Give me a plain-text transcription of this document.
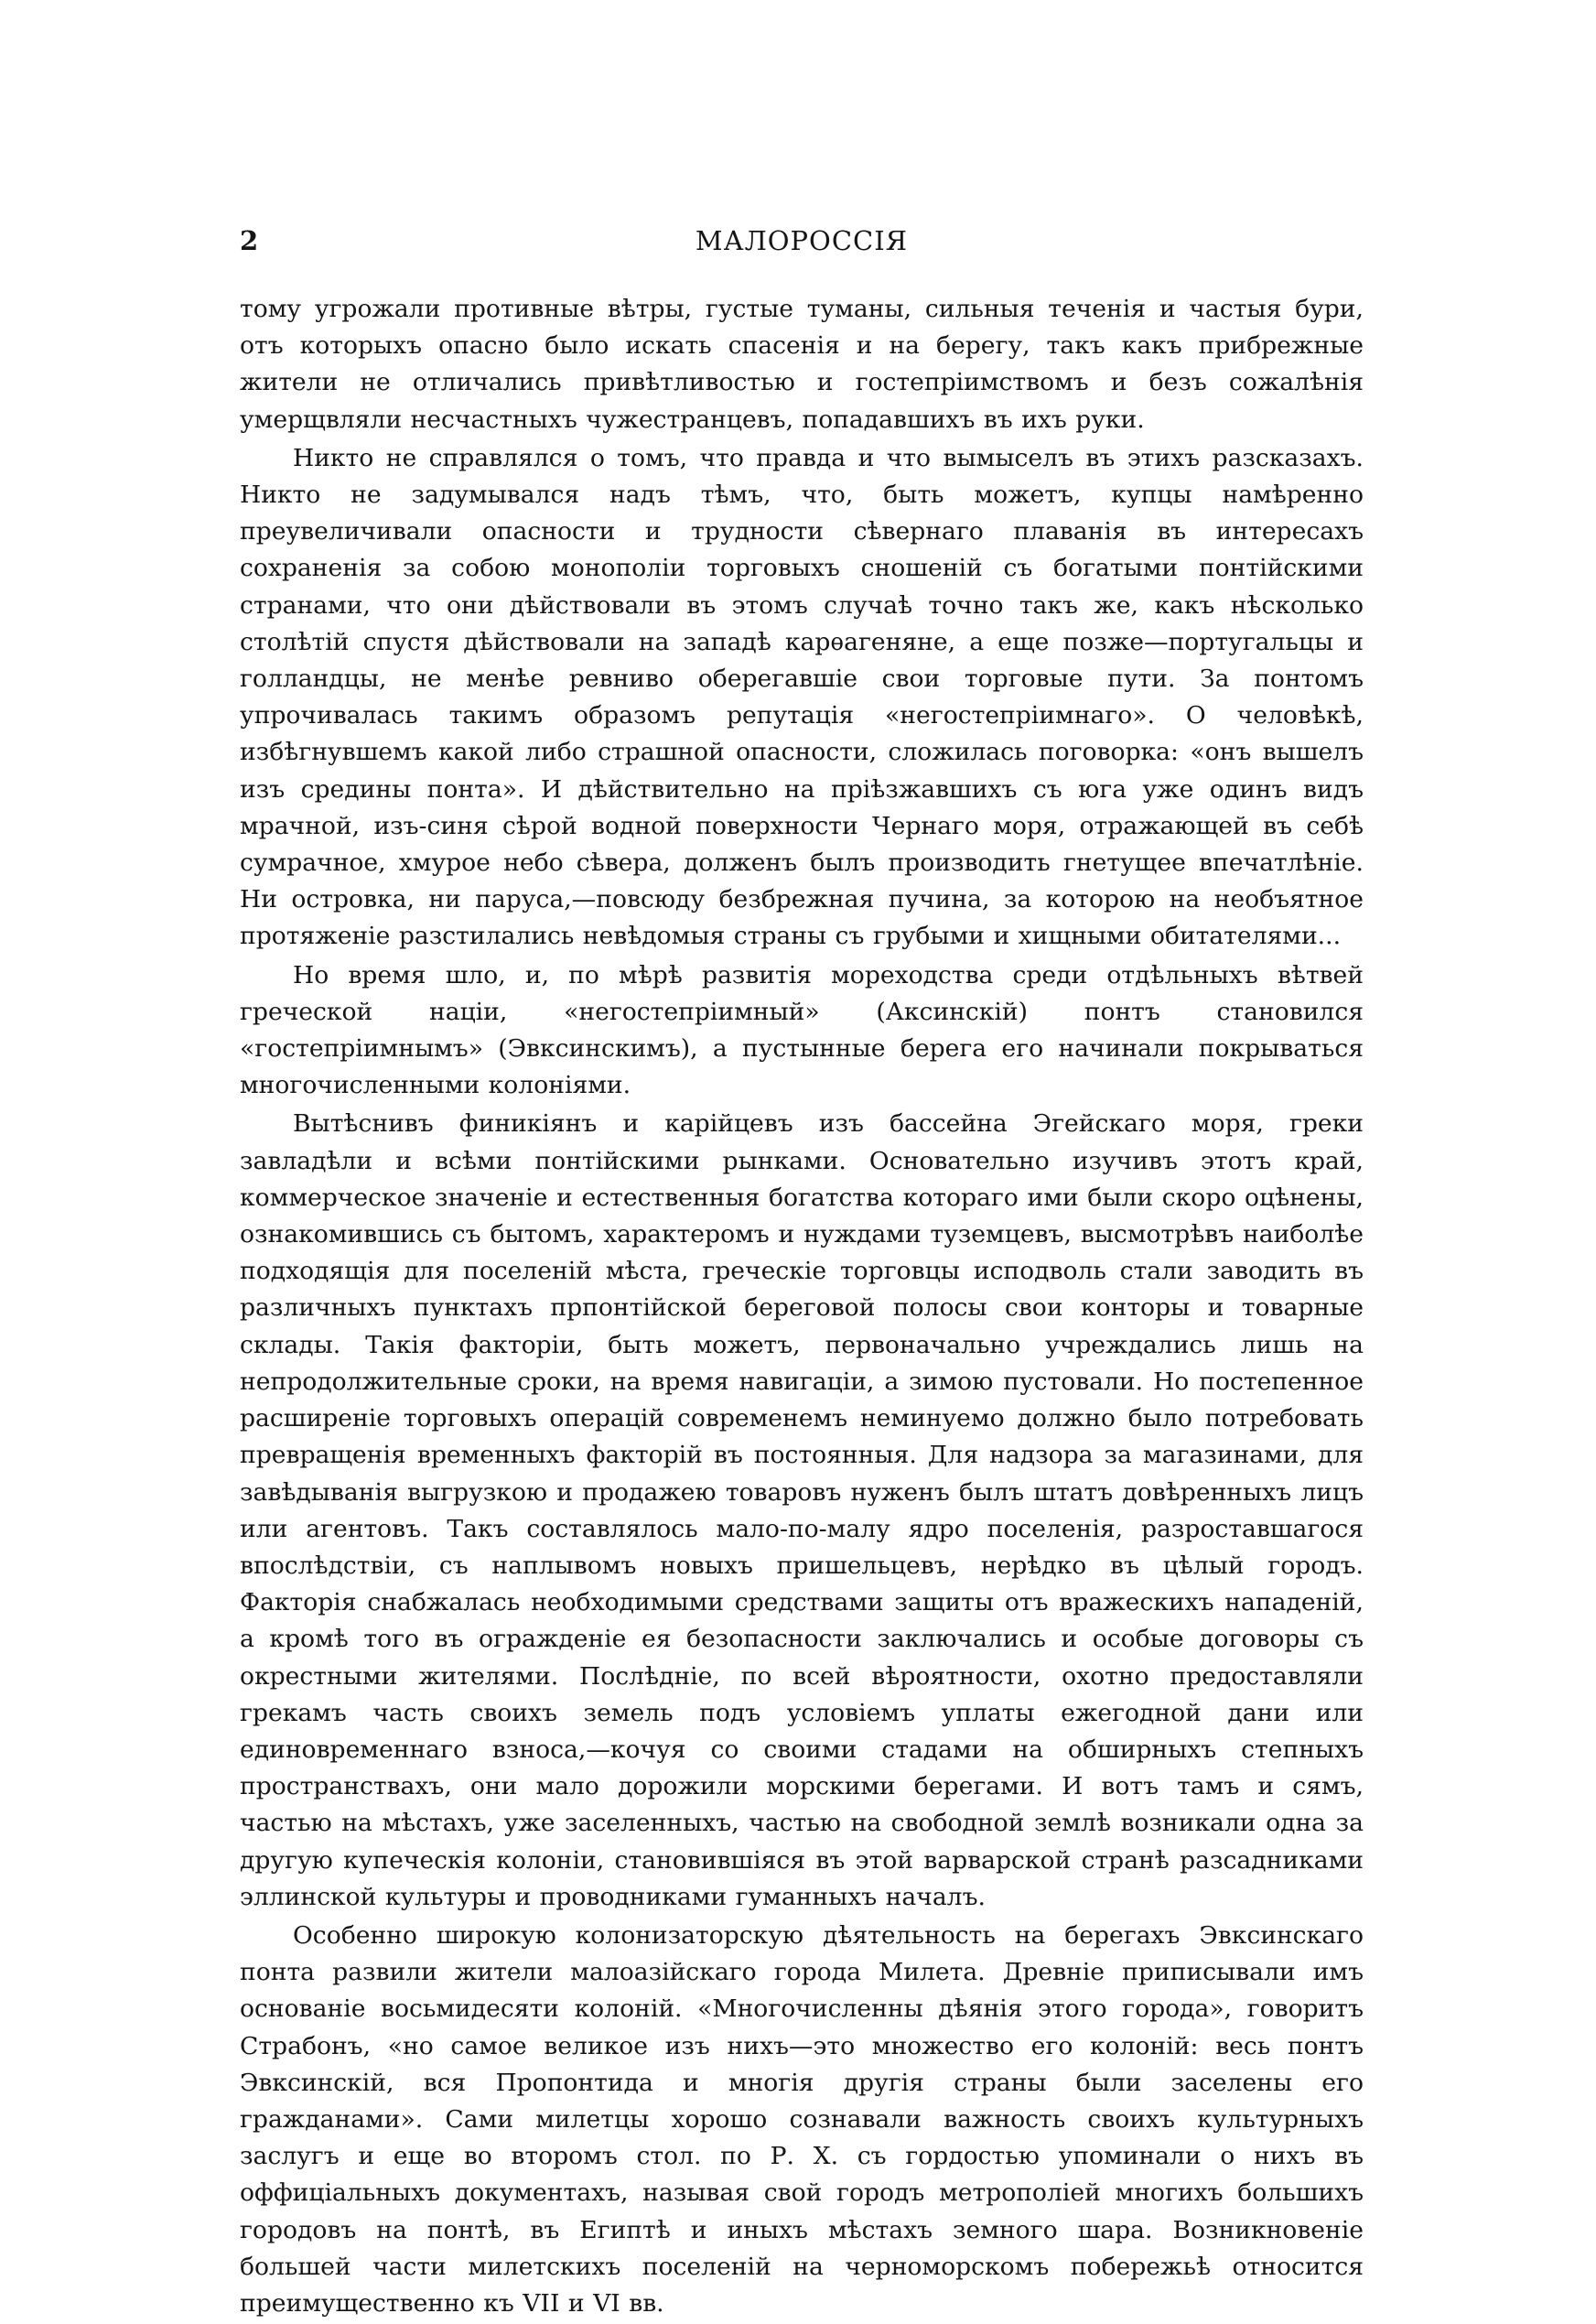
2	МАЛОРОССІЯ

тому угрожали противные вѣтры, густые туманы, сильныя теченія и частыя бури, отъ которыхъ опасно было искать спасенія и на берегу, такъ какъ прибрежные жители не отличались привѣтливостью и гостепріимствомъ и безъ сожалѣнія умерщвляли несчастныхъ чужестранцевъ, попадавшихъ въ ихъ руки.

Никто не справлялся о томъ, что правда и что вымыселъ въ этихъ разсказахъ. Никто не задумывался надъ тѣмъ, что, быть можетъ, купцы намѣренно преувеличивали опасности и трудности сѣвернаго плаванія въ интересахъ сохраненія за собою монополіи торговыхъ сношеній съ богатыми понтійскими странами, что они дѣйствовали въ этомъ случаѣ точно такъ же, какъ нѣсколько столѣтій спустя дѣйствовали на западѣ карѳагеняне, а еще позже—португальцы и голландцы, не менѣе ревниво оберегавшіе свои торговые пути. За понтомъ упрочивалась такимъ образомъ репутація «негостепріимнаго». О человѣкѣ, избѣгнувшемъ какой либо страшной опасности, сложилась поговорка: «онъ вышелъ изъ средины понта». И дѣйствительно на пріѣзжавшихъ съ юга уже одинъ видъ мрачной, изъ-синя сѣрой водной поверхности Чернаго моря, отражающей въ себѣ сумрачное, хмурое небо сѣвера, долженъ былъ производить гнетущее впечатлѣніе. Ни островка, ни паруса,—повсюду безбрежная пучина, за которою на необъятное протяженіе разстилались невѣдомыя страны съ грубыми и хищными обитателями...

Но время шло, и, по мѣрѣ развитія мореходства среди отдѣльныхъ вѣтвей греческой націи, «негостепріимный» (Аксинскій) понтъ становился «гостепріимнымъ» (Эвксинскимъ), а пустынные берега его начинали покрываться многочисленными колоніями.

Вытѣснивъ финикіянъ и карійцевъ изъ бассейна Эгейскаго моря, греки завладѣли и всѣми понтійскими рынками. Основательно изучивъ этотъ край, коммерческое значеніе и естественныя богатства котораго ими были скоро оцѣнены, ознакомившись съ бытомъ, характеромъ и нуждами туземцевъ, высмотрѣвъ наиболѣе подходящія для поселеній мѣста, греческіе торговцы исподволь стали заводить въ различныхъ пунктахъ прпонтійской береговой полосы свои конторы и товарные склады. Такія факторіи, быть можетъ, первоначально учреждались лишь на непродолжительные сроки, на время навигаціи, а зимою пустовали. Но постепенное расширеніе торговыхъ операцій современемъ неминуемо должно было потребовать превращенія временныхъ факторій въ постоянныя. Для надзора за магазинами, для завѣдыванія выгрузкою и продажею товаровъ нуженъ былъ штатъ довѣренныхъ лицъ или агентовъ. Такъ составлялось мало-по-малу ядро поселенія, разроставшагося впослѣдствіи, съ наплывомъ новыхъ пришельцевъ, нерѣдко въ цѣлый городъ. Факторія снабжалась необходимыми средствами защиты отъ вражескихъ нападеній, а кромѣ того въ огражденіе ея безопасности заключались и особые договоры съ окрестными жителями. Послѣдніе, по всей вѣроятности, охотно предоставляли грекамъ часть своихъ земель подъ условіемъ уплаты ежегодной дани или единовременнаго взноса,—кочуя со своими стадами на обширныхъ степныхъ пространствахъ, они мало дорожили морскими берегами. И вотъ тамъ и сямъ, частью на мѣстахъ, уже заселенныхъ, частью на свободной землѣ возникали одна за другую купеческія колоніи, становившіяся въ этой варварской странѣ разсадниками эллинской культуры и проводниками гуманныхъ началъ.

Особенно широкую колонизаторскую дѣятельность на берегахъ Эвксинскаго понта развили жители малоазійскаго города Милета. Древніе приписывали имъ основаніе восьмидесяти колоній. «Многочисленны дѣянія этого города», говоритъ Страбонъ, «но самое великое изъ нихъ—это множество его колоній: весь понтъ Эвксинскій, вся Пропонтида и многія другія страны были заселены его гражданами». Сами милетцы хорошо сознавали важность своихъ культурныхъ заслугъ и еще во второмъ стол. по Р. Х. съ гордостью упоминали о нихъ въ оффиціальныхъ документахъ, называя свой городъ метрополіей многихъ большихъ городовъ на понтѣ, въ Египтѣ и иныхъ мѣстахъ земного шара. Возникновеніе большей части милетскихъ поселеній на черноморскомъ побережьѣ относится преимущественно къ VII и VI вв.
